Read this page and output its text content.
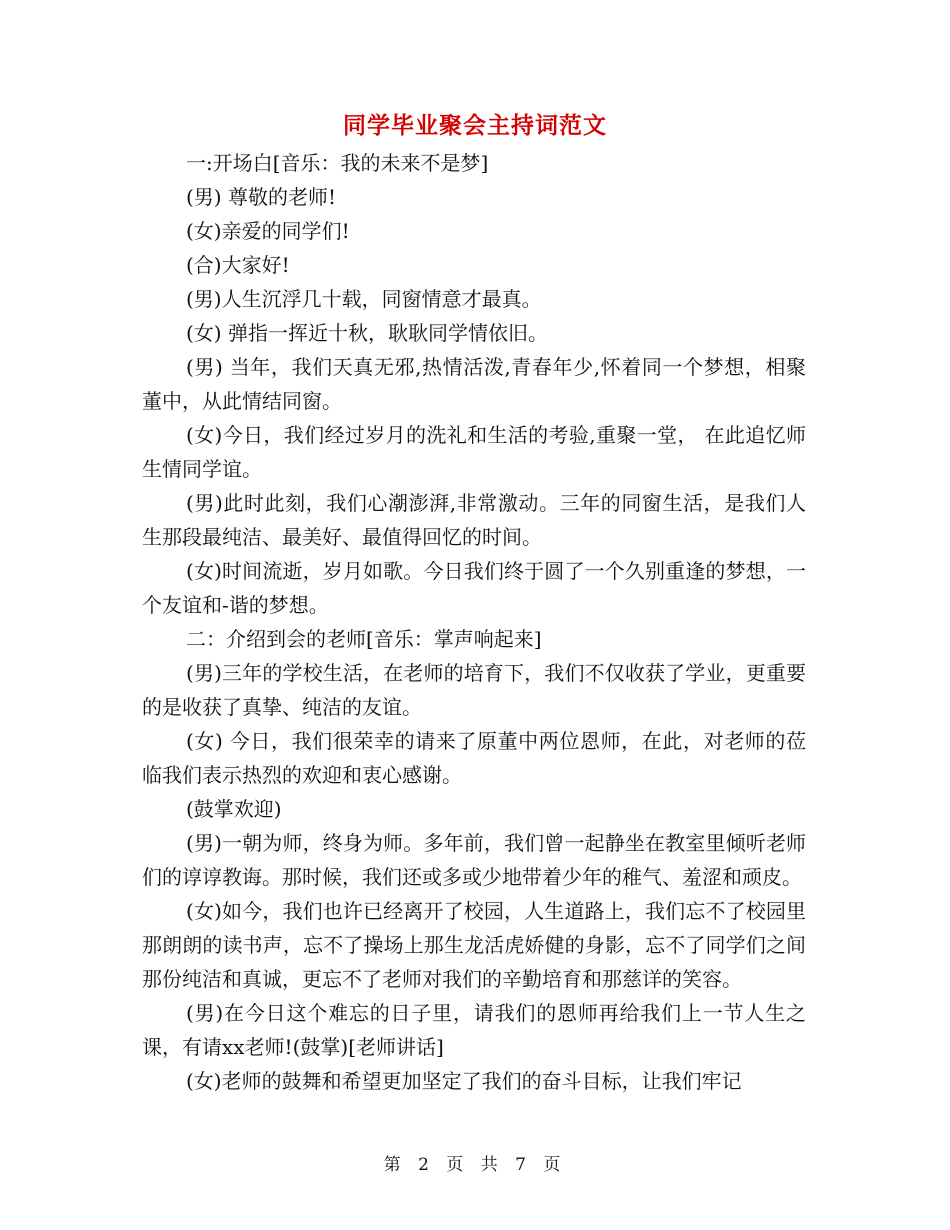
同学毕业聚会主持词范文

一:开场白[音乐：我的未来不是梦]

(男) 尊敬的老师!

(女)亲爱的同学们!

(合)大家好!

(男)人生沉浮几十载，同窗情意才最真。

(女) 弹指一挥近十秋，耿耿同学情依旧。

(男) 当年，我们天真无邪,热情活泼,青春年少,怀着同一个梦想，相聚董中，从此情结同窗。

(女)今日，我们经过岁月的洗礼和生活的考验,重聚一堂， 在此追忆师生情同学谊。

(男)此时此刻，我们心潮澎湃,非常激动。三年的同窗生活，是我们人生那段最纯洁、最美好、最值得回忆的时间。

(女)时间流逝，岁月如歌。今日我们终于圆了一个久别重逢的梦想，一个友谊和-谐的梦想。

二：介绍到会的老师[音乐：掌声响起来]

(男)三年的学校生活，在老师的培育下，我们不仅收获了学业，更重要的是收获了真挚、纯洁的友谊。

(女) 今日，我们很荣幸的请来了原董中两位恩师，在此，对老师的莅临我们表示热烈的欢迎和衷心感谢。

(鼓掌欢迎)

(男)一朝为师，终身为师。多年前，我们曾一起静坐在教室里倾听老师们的谆谆教诲。那时候，我们还或多或少地带着少年的稚气、羞涩和顽皮。

(女)如今，我们也许已经离开了校园，人生道路上，我们忘不了校园里那朗朗的读书声，忘不了操场上那生龙活虎娇健的身影，忘不了同学们之间那份纯洁和真诚，更忘不了老师对我们的辛勤培育和那慈详的笑容。

(男)在今日这个难忘的日子里，请我们的恩师再给我们上一节人生之课，有请xx老师!(鼓掌)[老师讲话]

(女)老师的鼓舞和希望更加坚定了我们的奋斗目标，让我们牢记

第 2 页 共 7 页
